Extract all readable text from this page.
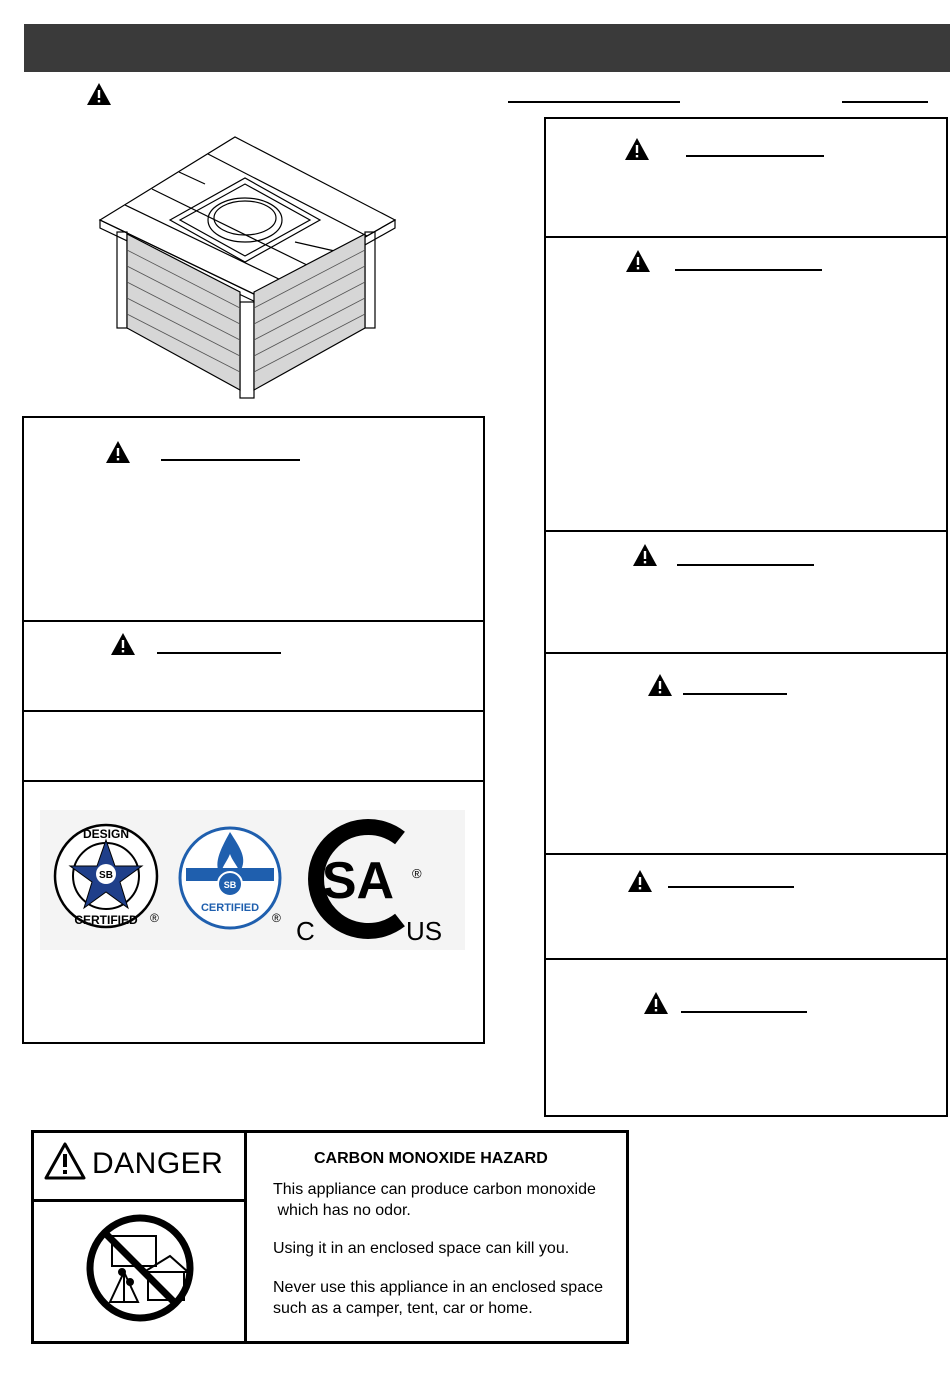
SB
DESIGN
CERTIFIED ®
SB
CERTIFIED
®
SA ®
C	US
DANGER	CARBON MONOXIDE HAZARD
This appliance can produce carbon monoxide
which has no odor.
Using it in an enclosed space can kill you.
Never use this appliance in an enclosed space
such as a camper, tent, car or home.
